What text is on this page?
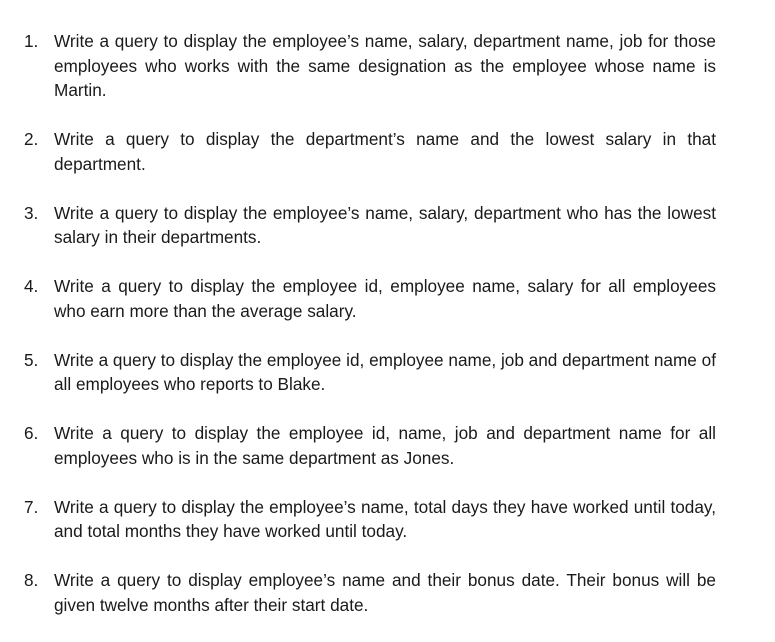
1. Write a query to display the employee’s name, salary, department name, job for those employees who works with the same designation as the employee whose name is Martin.
2. Write a query to display the department’s name and the lowest salary in that department.
3. Write a query to display the employee’s name, salary, department who has the lowest salary in their departments.
4. Write a query to display the employee id, employee name, salary for all employees who earn more than the average salary.
5. Write a query to display the employee id, employee name, job and department name of all employees who reports to Blake.
6. Write a query to display the employee id, name, job and department name for all employees who is in the same department as Jones.
7. Write a query to display the employee’s name, total days they have worked until today, and total months they have worked until today.
8. Write a query to display employee’s name and their bonus date. Their bonus will be given twelve months after their start date.
